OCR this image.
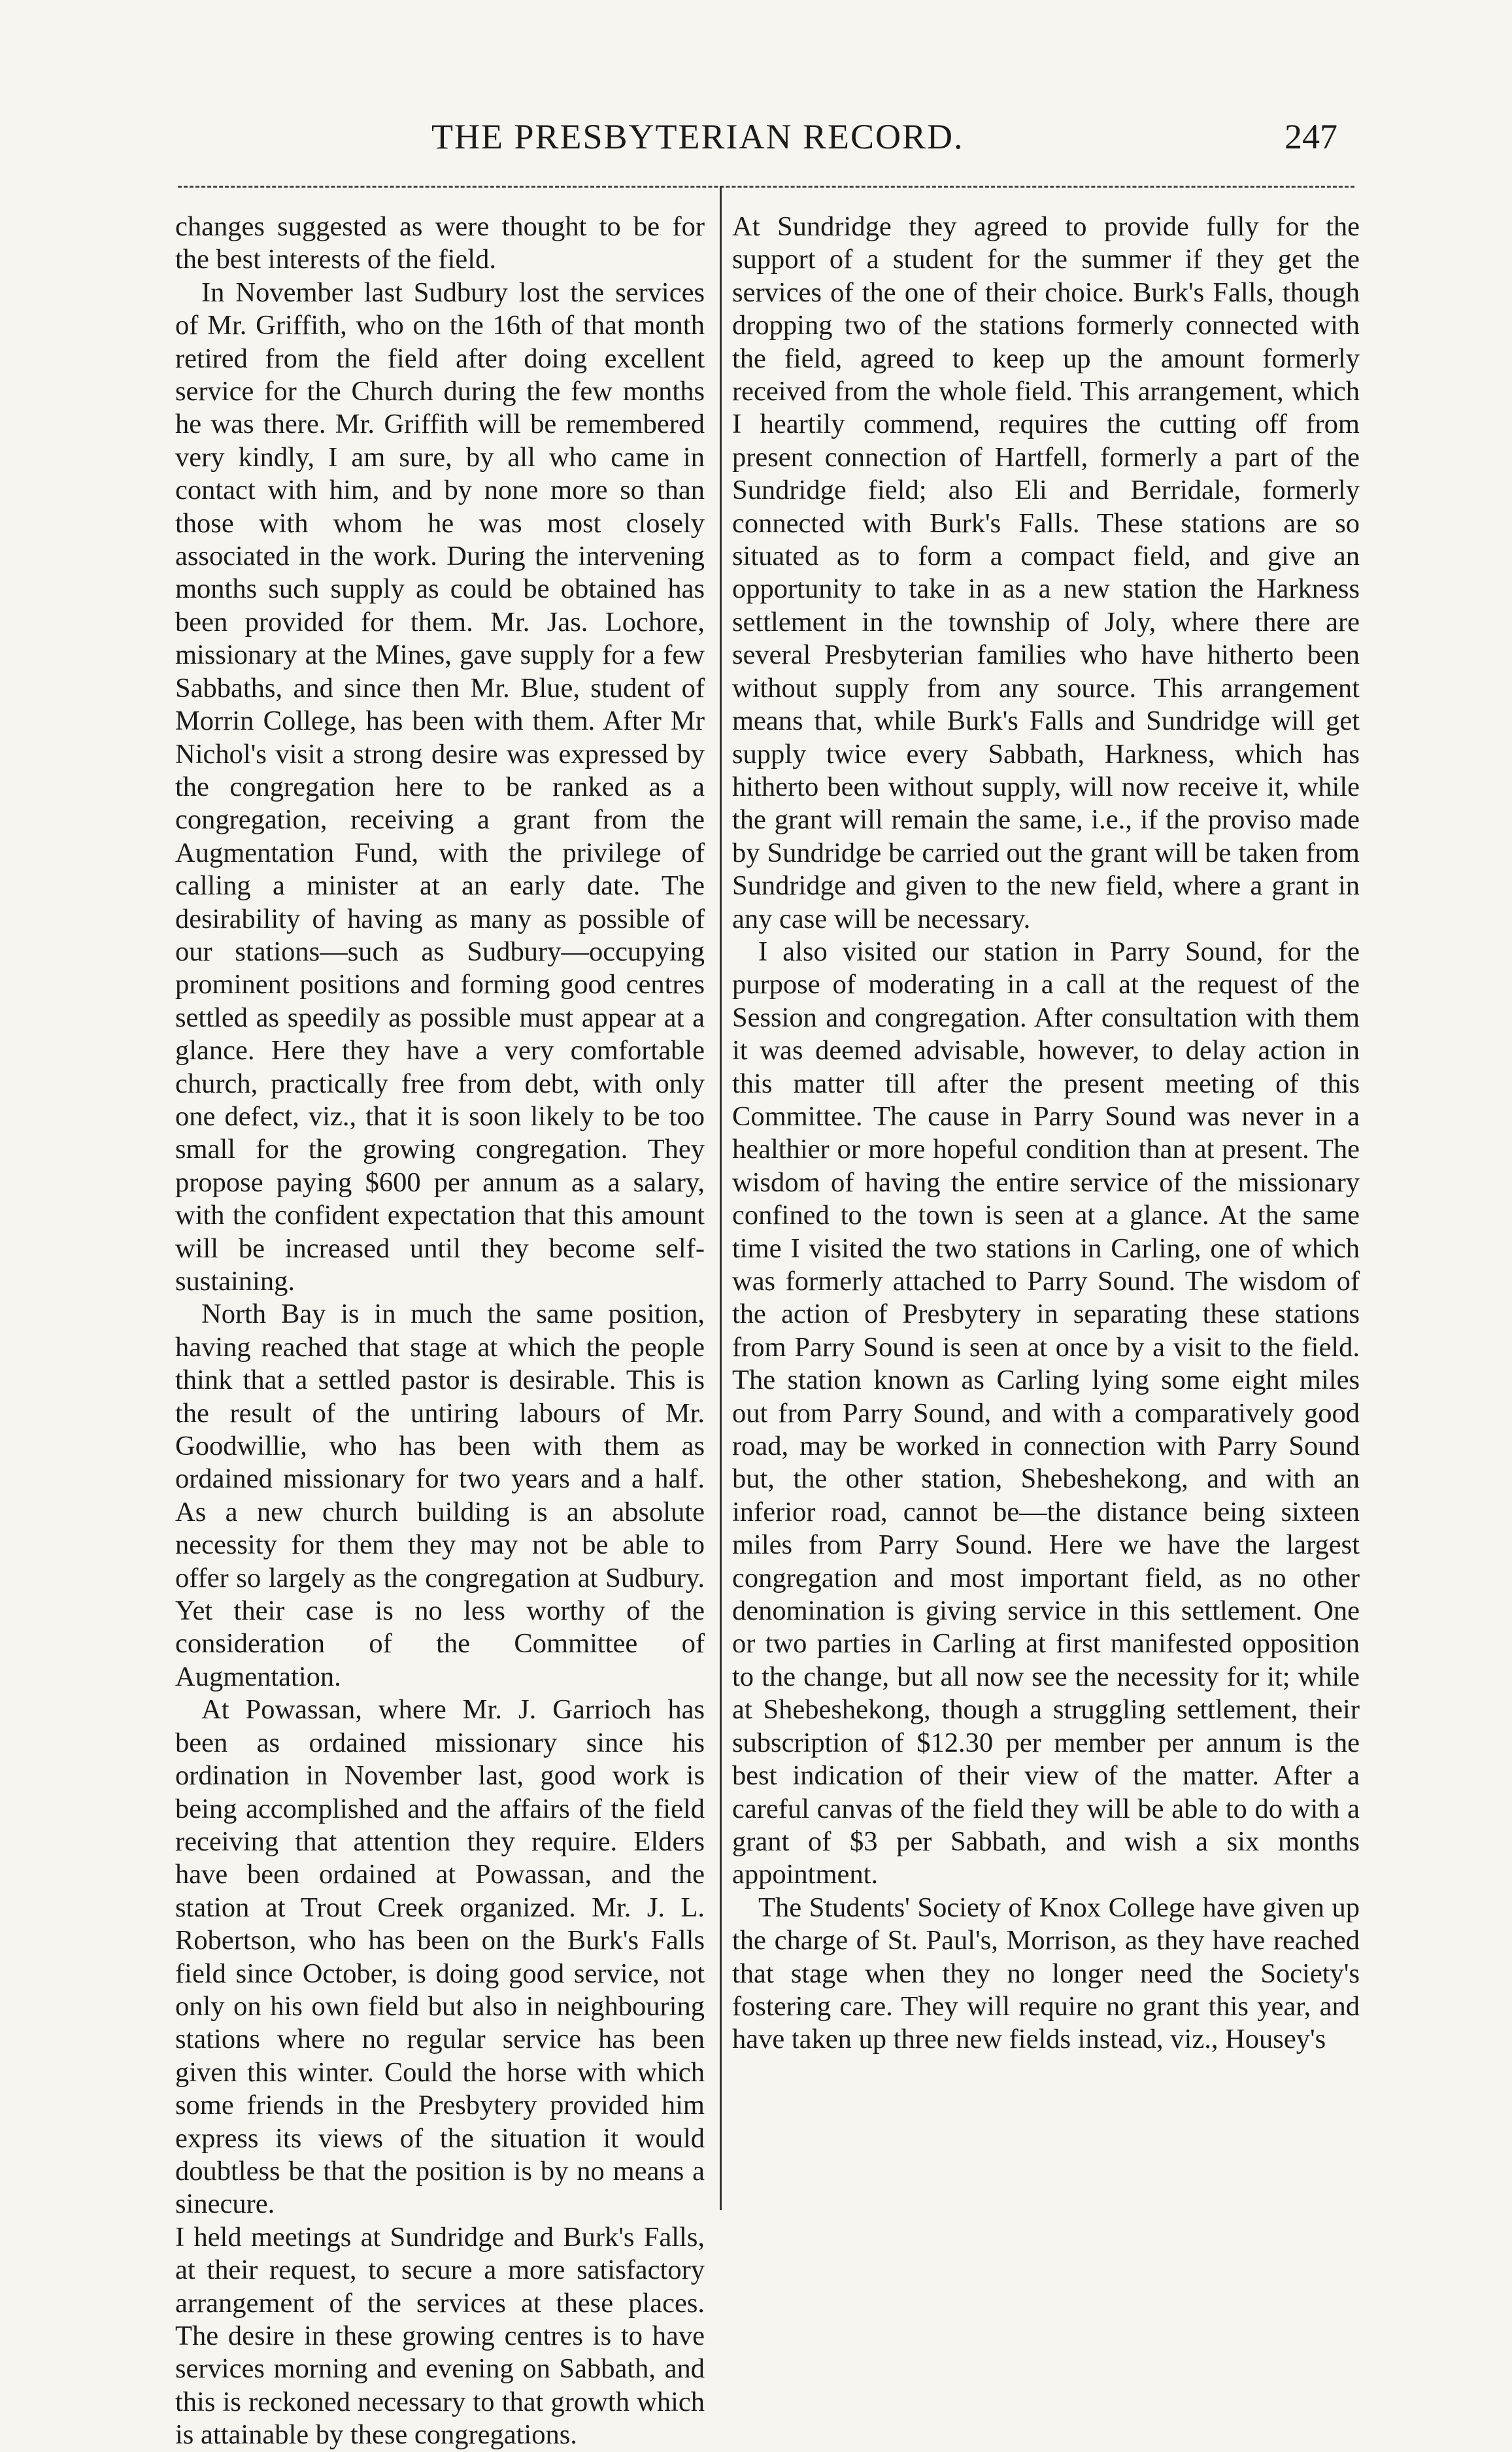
THE PRESBYTERIAN RECORD.	247

changes suggested as were thought to be for the best interests of the field.

In November last Sudbury lost the services of Mr. Griffith, who on the 16th of that month retired from the field after doing excellent service for the Church during the few months he was there. Mr. Griffith will be remembered very kindly, I am sure, by all who came in contact with him, and by none more so than those with whom he was most closely associated in the work. During the intervening months such supply as could be obtained has been provided for them. Mr. Jas. Lochore, missionary at the Mines, gave supply for a few Sabbaths, and since then Mr. Blue, student of Morrin College, has been with them. After Mr Nichol's visit a strong desire was expressed by the congregation here to be ranked as a congregation, receiving a grant from the Augmentation Fund, with the privilege of calling a minister at an early date. The desirability of having as many as possible of our stations—such as Sudbury—occupying prominent positions and forming good centres settled as speedily as possible must appear at a glance. Here they have a very comfortable church, practically free from debt, with only one defect, viz., that it is soon likely to be too small for the growing congregation. They propose paying $600 per annum as a salary, with the confident expectation that this amount will be increased until they become self-sustaining.

North Bay is in much the same position, having reached that stage at which the people think that a settled pastor is desirable. This is the result of the untiring labours of Mr. Goodwillie, who has been with them as ordained missionary for two years and a half. As a new church building is an absolute necessity for them they may not be able to offer so largely as the congregation at Sudbury. Yet their case is no less worthy of the consideration of the Committee of Augmentation.

At Powassan, where Mr. J. Garrioch has been as ordained missionary since his ordination in November last, good work is being accomplished and the affairs of the field receiving that attention they require. Elders have been ordained at Powassan, and the station at Trout Creek organized. Mr. J. L. Robertson, who has been on the Burk's Falls field since October, is doing good service, not only on his own field but also in neighbouring stations where no regular service has been given this winter. Could the horse with which some friends in the Presbytery provided him express its views of the situation it would doubtless be that the position is by no means a sinecure.

I held meetings at Sundridge and Burk's Falls, at their request, to secure a more satisfactory arrangement of the services at these places. The desire in these growing centres is to have services morning and evening on Sabbath, and this is reckoned necessary to that growth which is attainable by these congregations.

At Sundridge they agreed to provide fully for the support of a student for the summer if they get the services of the one of their choice. Burk's Falls, though dropping two of the stations formerly connected with the field, agreed to keep up the amount formerly received from the whole field. This arrangement, which I heartily commend, requires the cutting off from present connection of Hartfell, formerly a part of the Sundridge field; also Eli and Berridale, formerly connected with Burk's Falls. These stations are so situated as to form a compact field, and give an opportunity to take in as a new station the Harkness settlement in the township of Joly, where there are several Presbyterian families who have hitherto been without supply from any source. This arrangement means that, while Burk's Falls and Sundridge will get supply twice every Sabbath, Harkness, which has hitherto been without supply, will now receive it, while the grant will remain the same, i.e., if the proviso made by Sundridge be carried out the grant will be taken from Sundridge and given to the new field, where a grant in any case will be necessary.

I also visited our station in Parry Sound, for the purpose of moderating in a call at the request of the Session and congregation. After consultation with them it was deemed advisable, however, to delay action in this matter till after the present meeting of this Committee. The cause in Parry Sound was never in a healthier or more hopeful condition than at present. The wisdom of having the entire service of the missionary confined to the town is seen at a glance. At the same time I visited the two stations in Carling, one of which was formerly attached to Parry Sound. The wisdom of the action of Presbytery in separating these stations from Parry Sound is seen at once by a visit to the field. The station known as Carling lying some eight miles out from Parry Sound, and with a comparatively good road, may be worked in connection with Parry Sound but, the other station, Shebeshekong, and with an inferior road, cannot be—the distance being sixteen miles from Parry Sound. Here we have the largest congregation and most important field, as no other denomination is giving service in this settlement. One or two parties in Carling at first manifested opposition to the change, but all now see the necessity for it; while at Shebeshekong, though a struggling settlement, their subscription of $12.30 per member per annum is the best indication of their view of the matter. After a careful canvas of the field they will be able to do with a grant of $3 per Sabbath, and wish a six months appointment.

The Students' Society of Knox College have given up the charge of St. Paul's, Morrison, as they have reached that stage when they no longer need the Society's fostering care. They will require no grant this year, and have taken up three new fields instead, viz., Housey's
